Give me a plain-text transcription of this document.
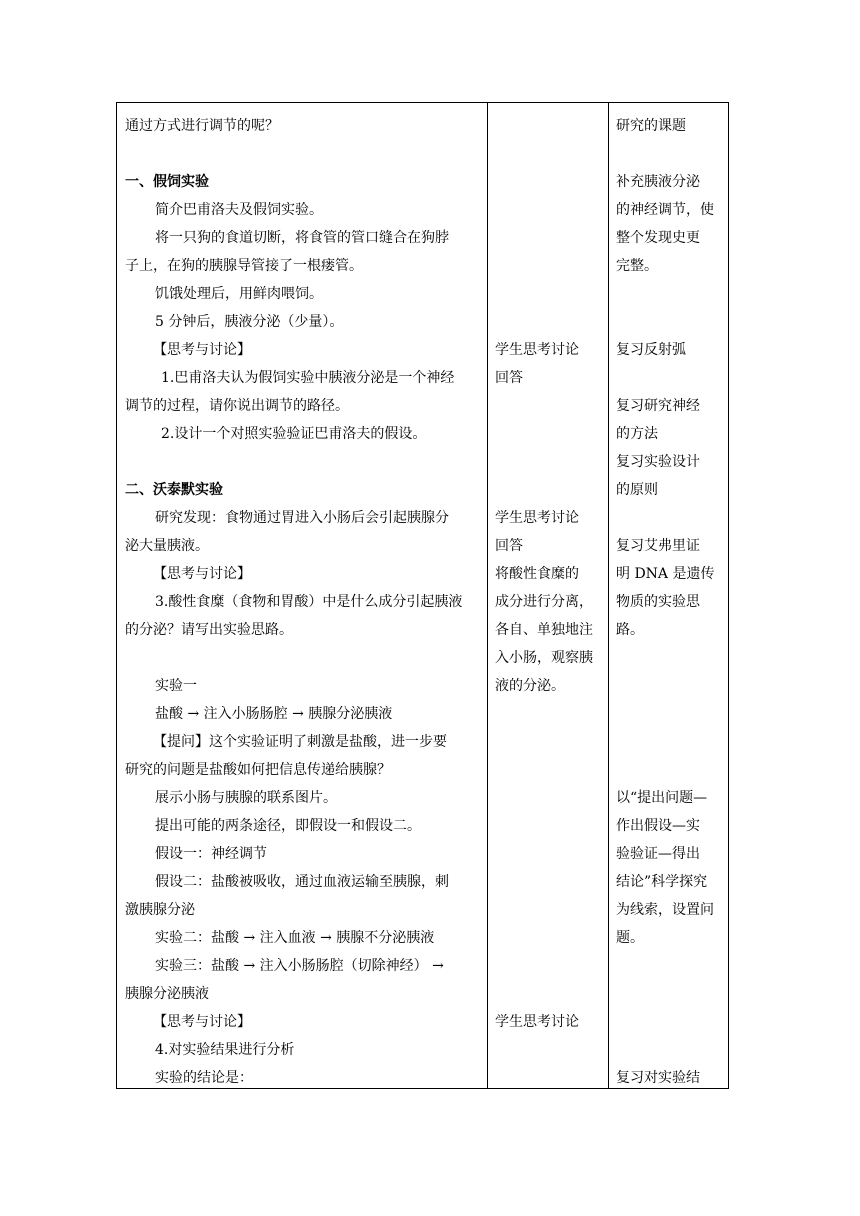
通过方式进行调节的呢？
一、假饲实验
简介巴甫洛夫及假饲实验。
将一只狗的食道切断，将食管的管口缝合在狗脖
子上，在狗的胰腺导管接了一根瘘管。
饥饿处理后，用鲜肉喂饲。
5 分钟后，胰液分泌（少量）。
【思考与讨论】
1.巴甫洛夫认为假饲实验中胰液分泌是一个神经
调节的过程，请你说出调节的路径。
2.设计一个对照实验验证巴甫洛夫的假设。
二、沃泰默实验
研究发现：食物通过胃进入小肠后会引起胰腺分
泌大量胰液。
【思考与讨论】
3.酸性食糜（食物和胃酸）中是什么成分引起胰液
的分泌？请写出实验思路。
实验一
盐酸 → 注入小肠肠腔 → 胰腺分泌胰液
【提问】这个实验证明了刺激是盐酸，进一步要
研究的问题是盐酸如何把信息传递给胰腺？
展示小肠与胰腺的联系图片。
提出可能的两条途径，即假设一和假设二。
假设一：神经调节
假设二：盐酸被吸收，通过血液运输至胰腺，刺
激胰腺分泌
实验二：盐酸 → 注入血液 → 胰腺不分泌胰液
实验三：盐酸 → 注入小肠肠腔（切除神经） →
胰腺分泌胰液
【思考与讨论】
4.对实验结果进行分析
实验的结论是：
学生思考讨论
回答
学生思考讨论
回答
将酸性食糜的
成分进行分离，
各自、单独地注
入小肠，观察胰
液的分泌。
学生思考讨论
研究的课题
补充胰液分泌
的神经调节，使
整个发现史更
完整。
复习反射弧
复习研究神经
的方法
复习实验设计
的原则
复习艾弗里证
明 DNA 是遗传
物质的实验思
路。
以“提出问题—
作出假设—实
验验证—得出
结论”科学探究
为线索，设置问
题。
复习对实验结
